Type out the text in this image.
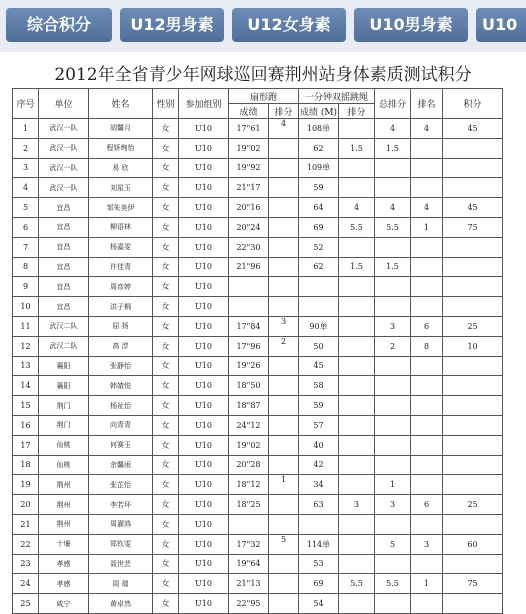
综合积分	U12男身素	U12女身素	U10男身素	U10
2012年全省青少年网球巡回赛荆州站身体素质测试积分
序号	单位	姓名	性别	参加组别	扇形跑		一分钟双摇跳绳		总排分	排名	积分
					成绩	排分	成绩 (M)	排分			
1	武汉一队	胡馨月	女	U10	17"61	4	108单		4	4	45
2	武汉一队	程妍绚怡	女	U10	19"02		62	1.5	1.5		
3	武汉一队	易 欣	女	U10	19"92		109单				
4	武汉一队	刘星玉	女	U10	21"17		59				
5	宜昌	邹朱美伊	女	U10	20"16		64	4	4	4	45
6	宜昌	柳语林	女	U10	20"24		69	5.5	5.5	1	75
7	宜昌	杨嘉雯	女	U10	22"30		52				
8	宜昌	许佳青	女	U10	21"96		62	1.5	1.5		
9	宜昌	周彦婷	女	U10							
10	宜昌	洪子桐	女	U10							
11	武汉二队	屈 扬	女	U10	17"84	3	90单		3	6	25
12	武汉二队	高 淳	女	U10	17"96	2	50		2	8	10
13	襄阳	张静怡	女	U10	19"26		45				
14	襄阳	韩婧悦	女	U10	18"50		58				
15	荆门	杨祉怡	女	U10	18"87		59				
16	荆门	向青青	女	U10	24"12		57				
17	仙桃	何赛玉	女	U10	19"02		40				
18	仙桃	余馨雨	女	U10	20"28		42				
19	荆州	张芷怡	女	U10	18"12	1	34		1		
20	荆州	李若环	女	U10	18"25		63	3	3	6	25
21	荆州	周濯鸿	女	U10							
22	十堰	郑钦雯	女	U10	17"32	5	114单		5	3	60
23	孝感	聂世芸	女	U10	19"64		53				
24	孝感	周 瑞	女	U10	21"13		69	5.5	5.5	1	75
25	咸宁	黄卓然	女	U10	22"95		54				
